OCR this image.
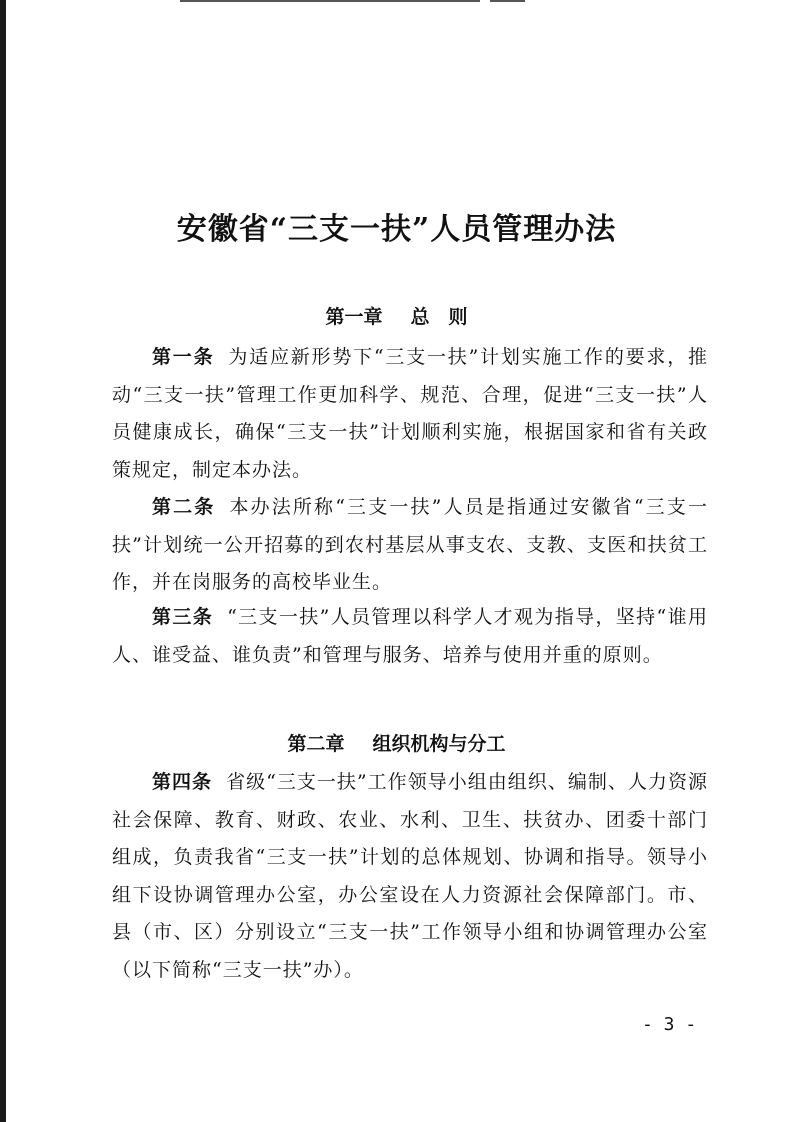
安徽省“三支一扶”人员管理办法
第一章 总　则
第一条 为适应新形势下“三支一扶”计划实施工作的要求，推动“三支一扶”管理工作更加科学、规范、合理，促进“三支一扶”人员健康成长，确保“三支一扶”计划顺利实施，根据国家和省有关政策规定，制定本办法。
第二条 本办法所称“三支一扶”人员是指通过安徽省“三支一扶”计划统一公开招募的到农村基层从事支农、支教、支医和扶贫工作，并在岗服务的高校毕业生。
第三条 “三支一扶”人员管理以科学人才观为指导，坚持“谁用人、谁受益、谁负责”和管理与服务、培养与使用并重的原则。
第二章 组织机构与分工
第四条 省级“三支一扶”工作领导小组由组织、编制、人力资源社会保障、教育、财政、农业、水利、卫生、扶贫办、团委十部门组成，负责我省“三支一扶”计划的总体规划、协调和指导。领导小组下设协调管理办公室，办公室设在人力资源社会保障部门。市、县（市、区）分别设立“三支一扶”工作领导小组和协调管理办公室（以下简称“三支一扶”办）。
- 3 -
